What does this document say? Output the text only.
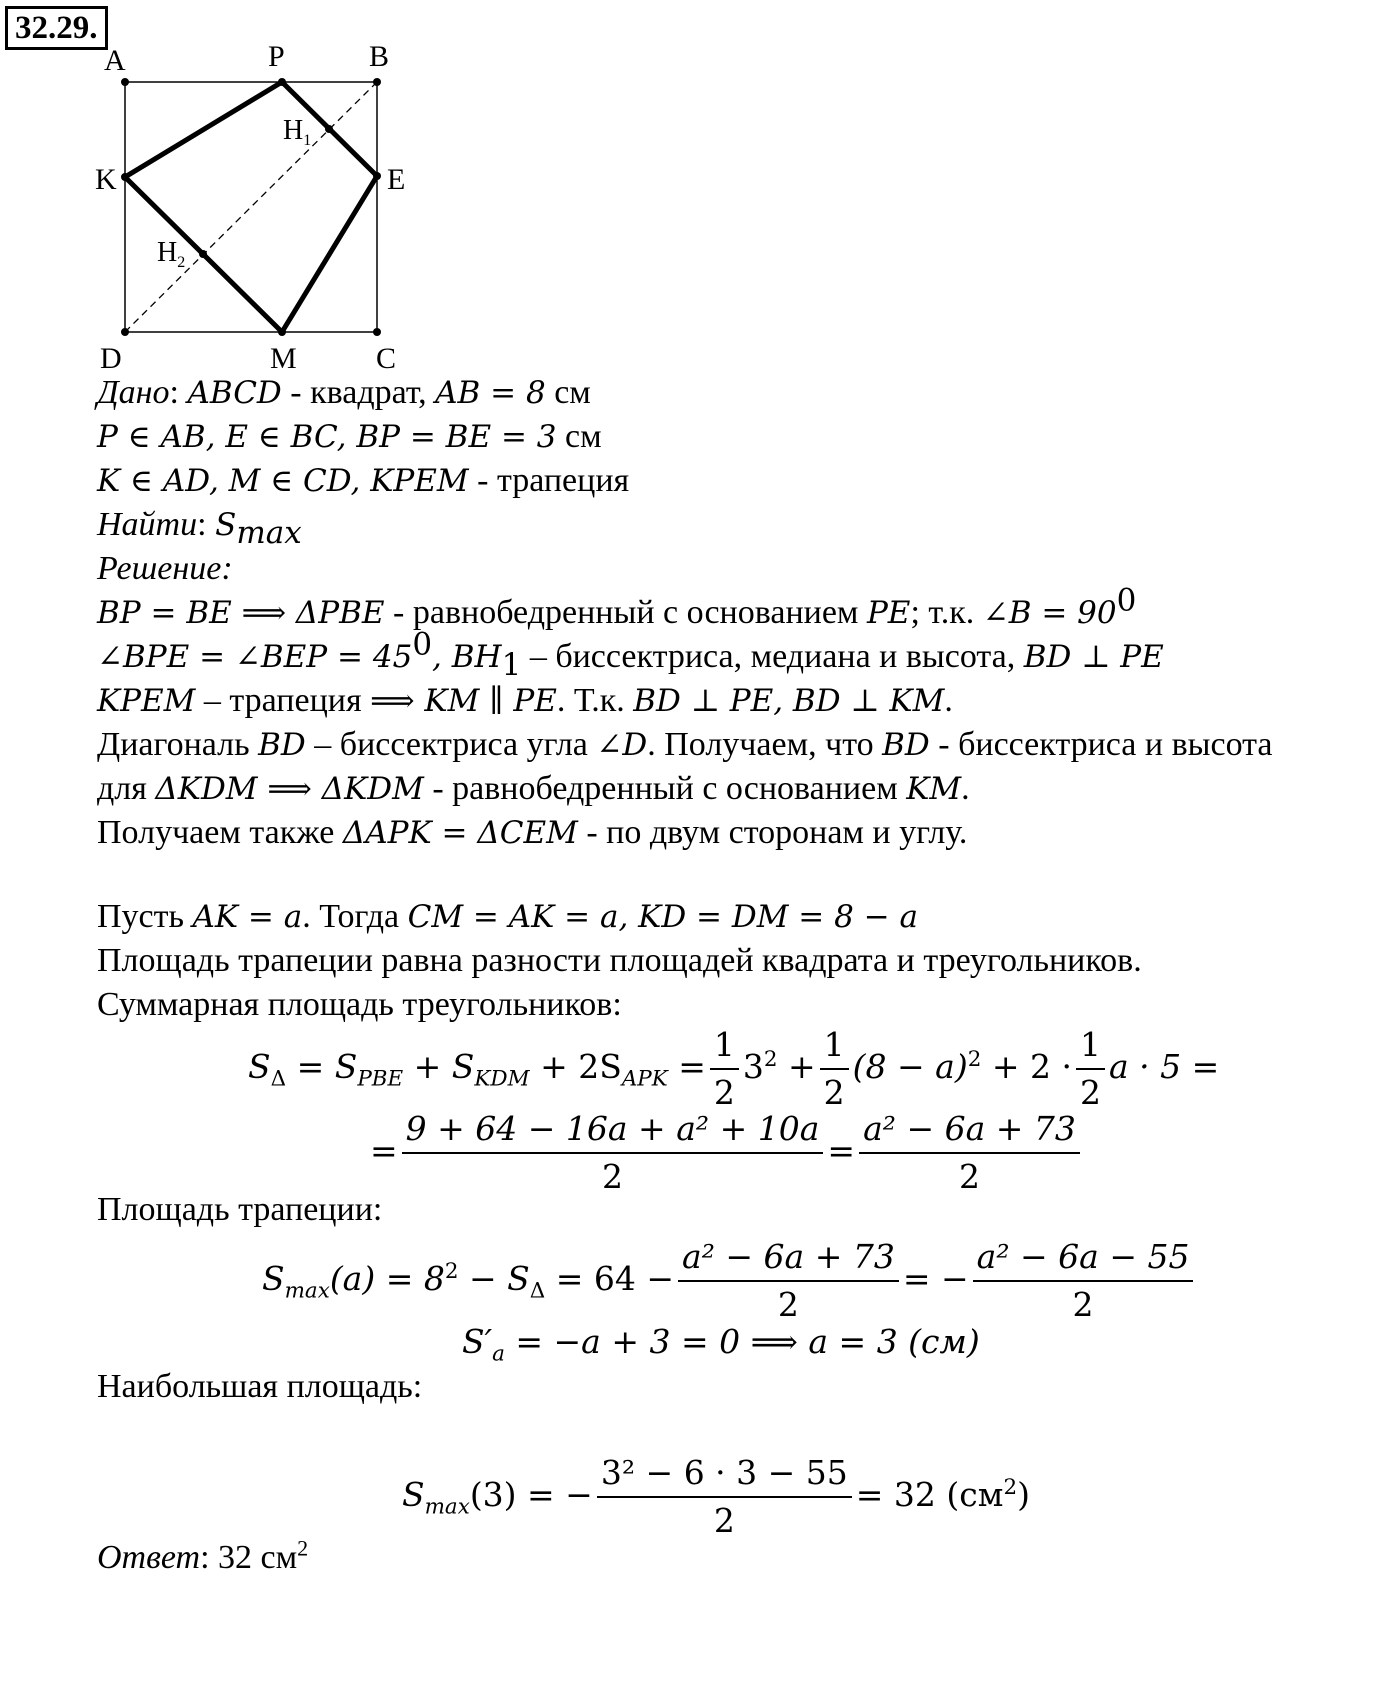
32.29.
A	P	B
K	E
$H_1$
$H_2$
D	M	C
Дано: ABCD - квадрат, AB = 8 см
P ∈ AB, E ∈ BC, BP = BE = 3 см
K ∈ AD, M ∈ CD, KPEM - трапеция
Найти: $S_{max}$
Решение:
BP = BE ⟹ ΔPBE - равнобедренный с основанием PE; т.к. ∠B = $90^0$
∠BPE = ∠BEP = $45^0$, $BH_1$ – биссектриса, медиана и высота, BD ⊥ PE
KPEM – трапеция ⟹ KM ∥ PE. Т.к. BD ⊥ PE, BD ⊥ KM.
Диагональ BD – биссектриса угла ∠D. Получаем, что BD - биссектриса и высота
для ΔKDM ⟹ ΔKDM - равнобедренный с основанием KM.
Получаем также ΔAPK = ΔCEM - по двум сторонам и углу.
Пусть AK = a. Тогда CM = AK = a, KD = DM = 8 − a
Площадь трапеции равна разности площадей квадрата и треугольников.
Суммарная площадь треугольников:
$S_\Delta = S_{PBE} + S_{KDM} + 2S_{APK} = \frac{1}{2} 3^2 + \frac{1}{2} (8 - a)^2 + 2 \cdot \frac{1}{2}$ a · 5 =
= $\frac{\text{9 + 64 − 16a + a² + 10a}}{2} = \frac{\text{a² − 6a + 73}}{2}$
Площадь трапеции:
$S_{max}(a) = 8^2 - S_\Delta = 64 - \frac{\text{a² − 6a + 73}}{2}$ = − $\frac{\text{a² − 6a − 55}}{2}$
$S'_a = -a + 3 = 0$ ⟹ a = 3 (см)
Наибольшая площадь:
$S_{max}(3)$ = − $\frac{\text{3² − 6 · 3 − 55}}{2} = 32$ $(см^2)$
Ответ: 32 $см^2$
